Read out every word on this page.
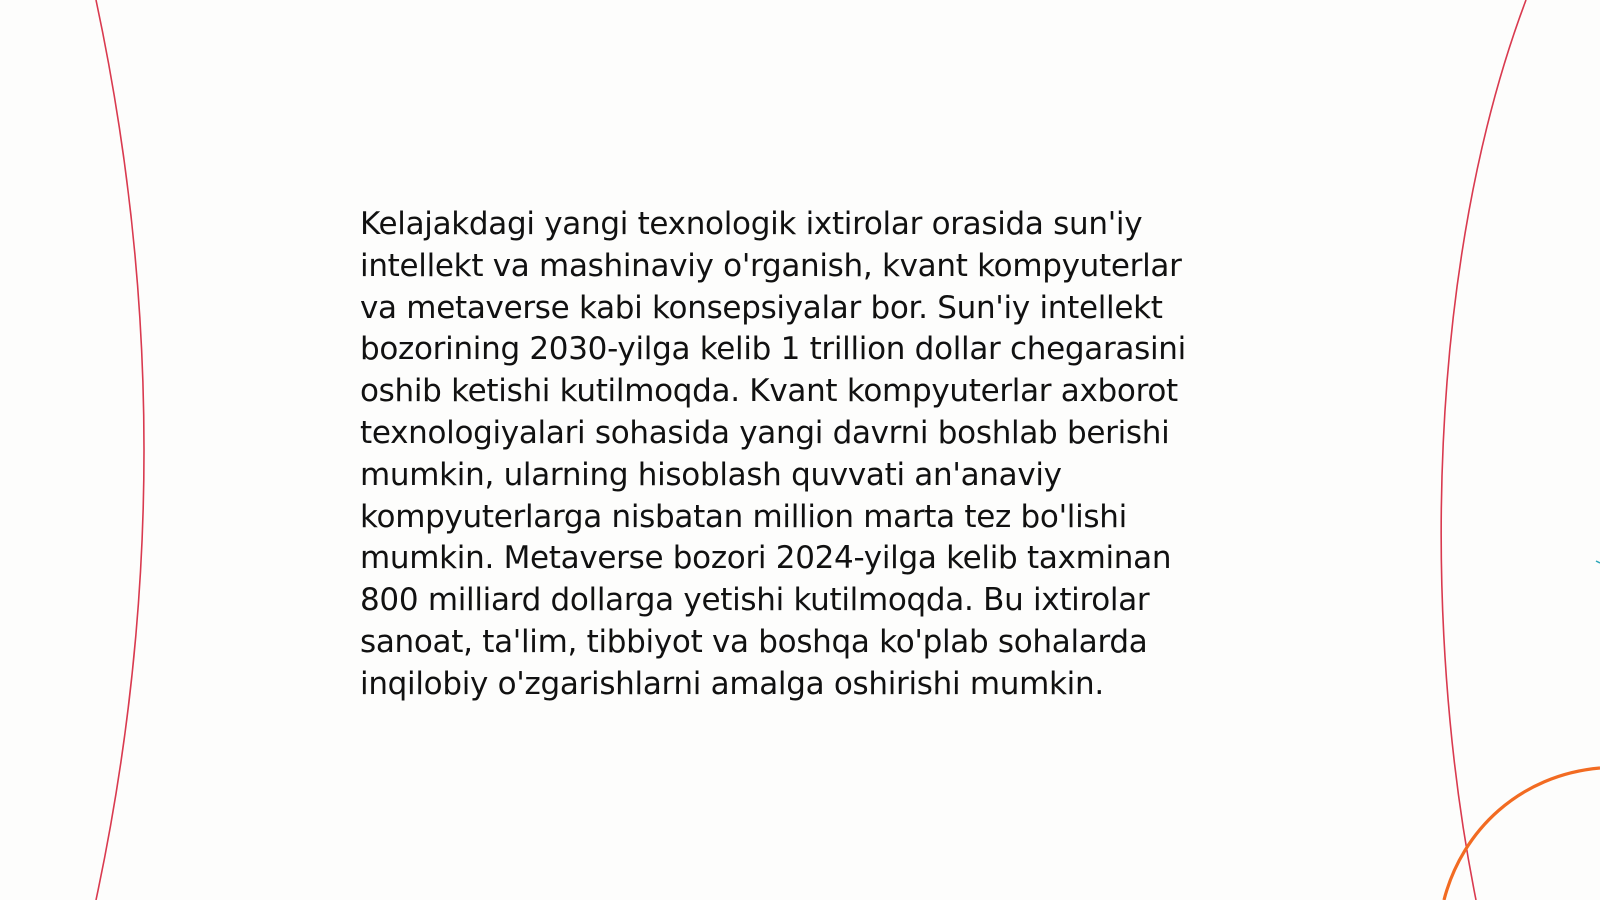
Kelajakdagi yangi texnologik ixtirolar orasida sun'iy
intellekt va mashinaviy o'rganish, kvant kompyuterlar
va metaverse kabi konsepsiyalar bor. Sun'iy intellekt
bozorining 2030-yilga kelib 1 trillion dollar chegarasini
oshib ketishi kutilmoqda. Kvant kompyuterlar axborot
texnologiyalari sohasida yangi davrni boshlab berishi
mumkin, ularning hisoblash quvvati an'anaviy
kompyuterlarga nisbatan million marta tez bo'lishi
mumkin. Metaverse bozori 2024-yilga kelib taxminan
800 milliard dollarga yetishi kutilmoqda. Bu ixtirolar
sanoat, ta'lim, tibbiyot va boshqa ko'plab sohalarda
inqilobiy o'zgarishlarni amalga oshirishi mumkin.
